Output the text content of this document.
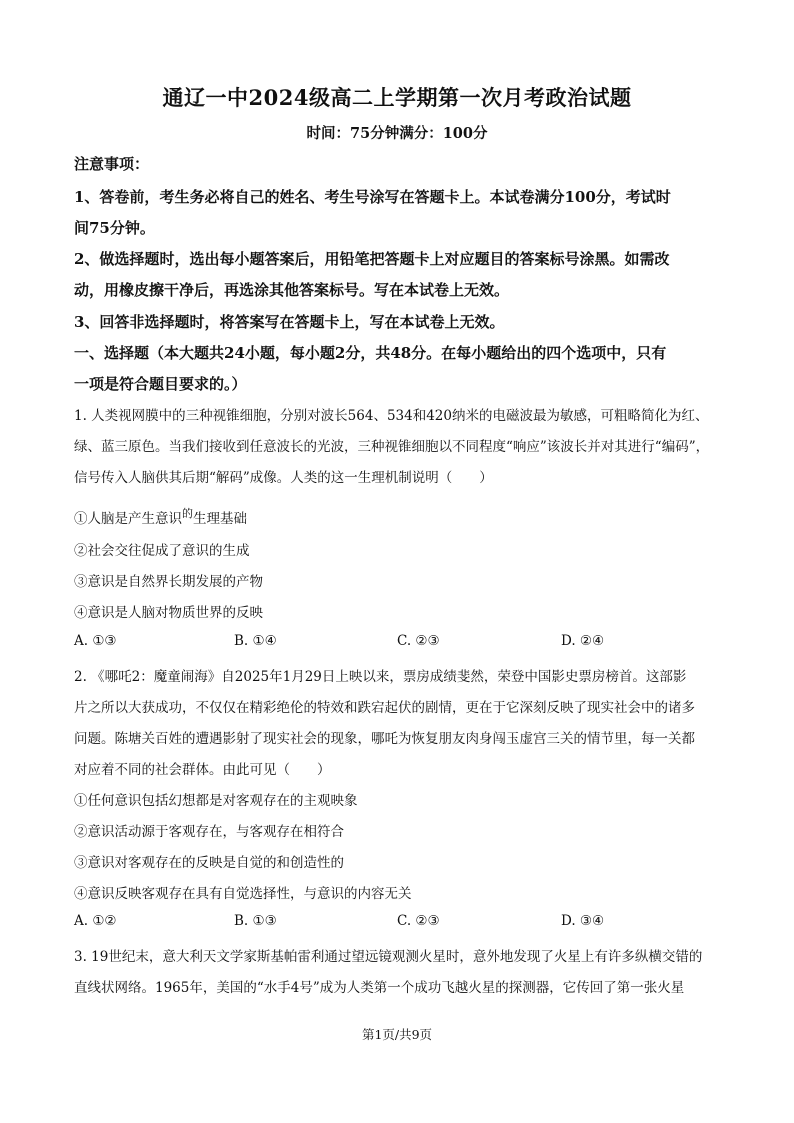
通辽一中2024级高二上学期第一次月考政治试题
时间：75分钟满分：100分
注意事项：
1、答卷前，考生务必将自己的姓名、考生号涂写在答题卡上。本试卷满分100分，考试时
间75分钟。
2、做选择题时，选出每小题答案后，用铅笔把答题卡上对应题目的答案标号涂黑。如需改
动，用橡皮擦干净后，再选涂其他答案标号。写在本试卷上无效。
3、回答非选择题时，将答案写在答题卡上，写在本试卷上无效。
一、选择题（本大题共24小题，每小题2分，共48分。在每小题给出的四个选项中，只有
一项是符合题目要求的。）
1. 人类视网膜中的三种视锥细胞，分别对波长564、534和420纳米的电磁波最为敏感，可粗略简化为红、
绿、蓝三原色。当我们接收到任意波长的光波，三种视锥细胞以不同程度“响应”该波长并对其进行“编码”，
信号传入人脑供其后期“解码”成像。人类的这一生理机制说明（　　）
①人脑是产生意识$^的$生理基础
②社会交往促成了意识的生成
③意识是自然界长期发展的产物
④意识是人脑对物质世界的反映
A. ①③	B. ①④	C. ②③	D. ②④
2. 《哪吒2：魔童闹海》自2025年1月29日上映以来，票房成绩斐然，荣登中国影史票房榜首。这部影
片之所以大获成功，不仅仅在精彩绝伦的特效和跌宕起伏的剧情，更在于它深刻反映了现实社会中的诸多
问题。陈塘关百姓的遭遇影射了现实社会的现象，哪吒为恢复朋友肉身闯玉虚宫三关的情节里，每一关都
对应着不同的社会群体。由此可见（　　）
①任何意识包括幻想都是对客观存在的主观映象
②意识活动源于客观存在，与客观存在相符合
③意识对客观存在的反映是自觉的和创造性的
④意识反映客观存在具有自觉选择性，与意识的内容无关
A. ①②	B. ①③	C. ②③	D. ③④
3. 19世纪末，意大利天文学家斯基帕雷利通过望远镜观测火星时，意外地发现了火星上有许多纵横交错的
直线状网络。1965年，美国的“水手4号”成为人类第一个成功飞越火星的探测器，它传回了第一张火星
第1页/共9页
